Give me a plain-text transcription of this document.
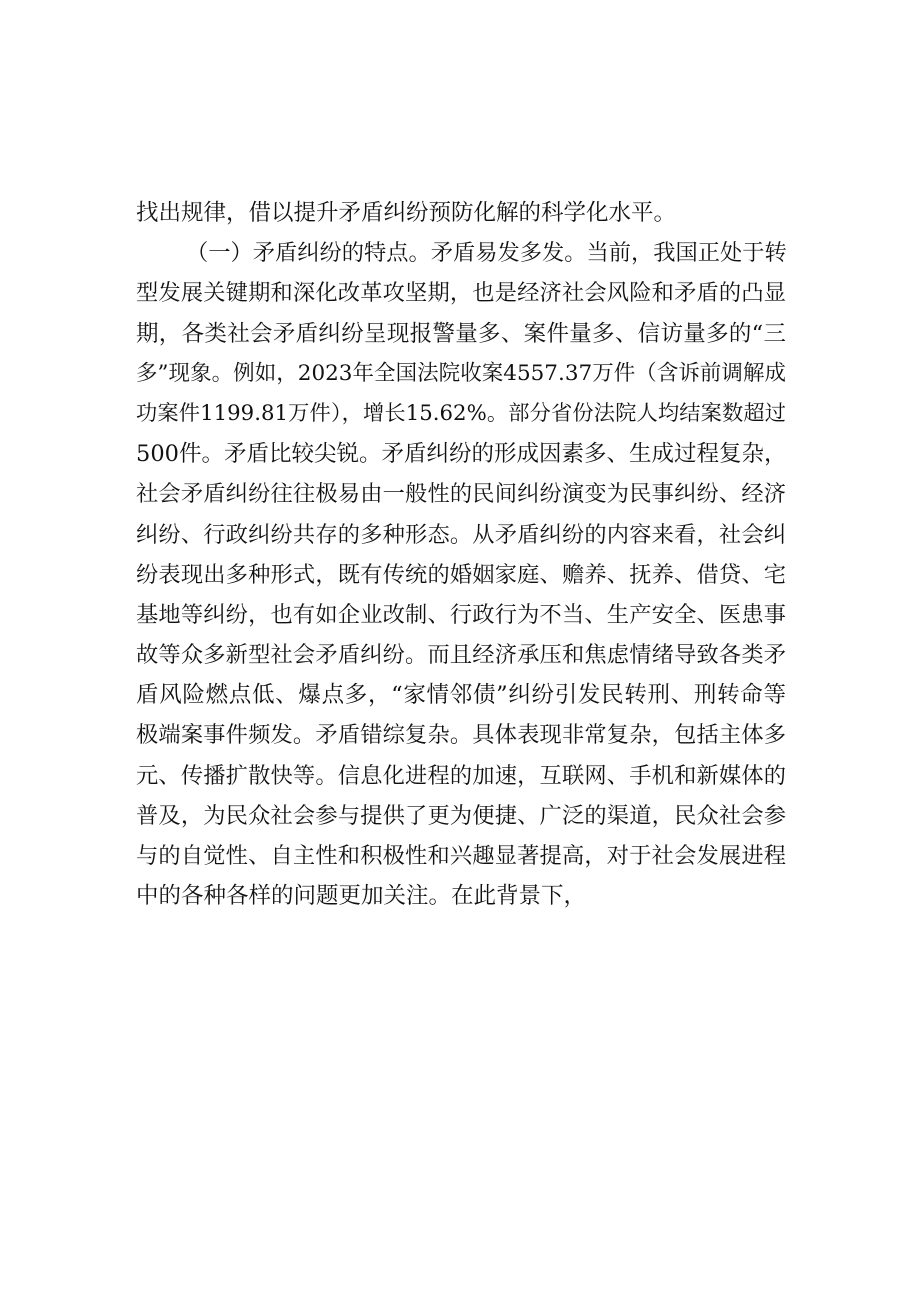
找出规律，借以提升矛盾纠纷预防化解的科学化水平。
（一）矛盾纠纷的特点。矛盾易发多发。当前，我国正处于转
型发展关键期和深化改革攻坚期，也是经济社会风险和矛盾的凸显
期，各类社会矛盾纠纷呈现报警量多、案件量多、信访量多的“三
多”现象。例如，2023年全国法院收案4557.37万件（含诉前调解成
功案件1199.81万件），增长15.62%。部分省份法院人均结案数超过
500件。矛盾比较尖锐。矛盾纠纷的形成因素多、生成过程复杂，
社会矛盾纠纷往往极易由一般性的民间纠纷演变为民事纠纷、经济
纠纷、行政纠纷共存的多种形态。从矛盾纠纷的内容来看，社会纠
纷表现出多种形式，既有传统的婚姻家庭、赡养、抚养、借贷、宅
基地等纠纷，也有如企业改制、行政行为不当、生产安全、医患事
故等众多新型社会矛盾纠纷。而且经济承压和焦虑情绪导致各类矛
盾风险燃点低、爆点多，“家情邻债”纠纷引发民转刑、刑转命等
极端案事件频发。矛盾错综复杂。具体表现非常复杂，包括主体多
元、传播扩散快等。信息化进程的加速，互联网、手机和新媒体的
普及，为民众社会参与提供了更为便捷、广泛的渠道，民众社会参
与的自觉性、自主性和积极性和兴趣显著提高，对于社会发展进程
中的各种各样的问题更加关注。在此背景下，
